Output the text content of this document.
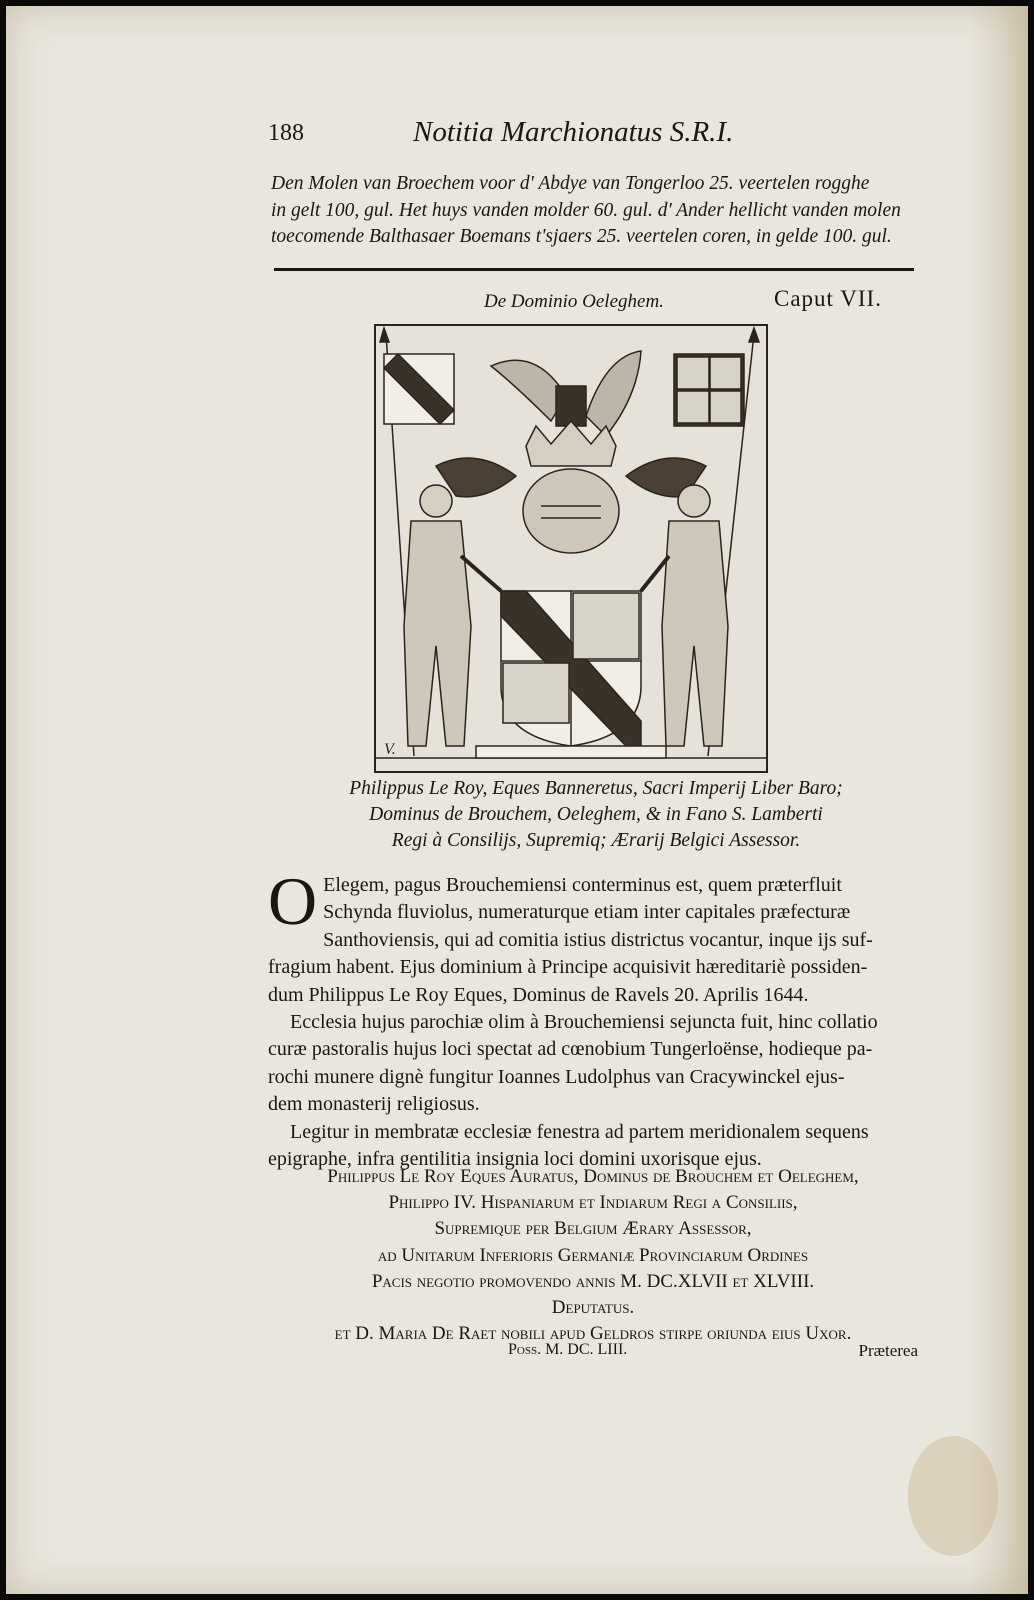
188	Notitia Marchionatus S.R.I.
Den Molen van Broechem voor d' Abdye van Tongerloo 25. veertelen rogghe
in gelt 100, gul. Het huys vanden molder 60. gul. d' Ander hellicht vanden molen
toecomende Balthasaer Boemans t'sjaers 25. veertelen coren, in gelde 100. gul.
De Dominio Oeleghem.	Caput VII.
V.
Philippus Le Roy, Eques Banneretus, Sacri Imperij Liber Baro;
Dominus de Brouchem, Oeleghem, & in Fano S. Lamberti
Regi à Consilijs, Supremiq; Ærarij Belgici Assessor.

O Elegem, pagus Brouchemiensi conterminus est, quem præterfluit
Schynda fluviolus, numeraturque etiam inter capitales præfecturæ
Santhoviensis, qui ad comitia istius districtus vocantur, inque ijs suf-
fragium habent. Ejus dominium à Principe acquisivit hæreditariè possiden-
dum Philippus Le Roy Eques, Dominus de Ravels 20. Aprilis 1644.

Ecclesia hujus parochiæ olim à Brouchemiensi sejuncta fuit, hinc collatio
curæ pastoralis hujus loci spectat ad cœnobium Tungerloënse, hodieque pa-
rochi munere dignè fungitur Ioannes Ludolphus van Cracywinckel ejus-
dem monasterij religiosus.

Legitur in membratæ ecclesiæ fenestra ad partem meridionalem sequens
epigraphe, infra gentilitia insignia loci domini uxorisque ejus.

Philippus Le Roy Eques Auratus, Dominus de Brouchem et Oeleghem,
Philippo IV. Hispaniarum et Indiarum Regi a Consiliis,
Supremique per Belgium Ærary Assessor,
ad Unitarum Inferioris Germaniæ Provinciarum Ordines
Pacis negotio promovendo annis M. DC.XLVII et XLVIII.
Deputatus.
et D. Maria De Raet nobili apud Geldros stirpe oriunda eius Uxor.
Poss. M. DC. LIII.	Præterea
